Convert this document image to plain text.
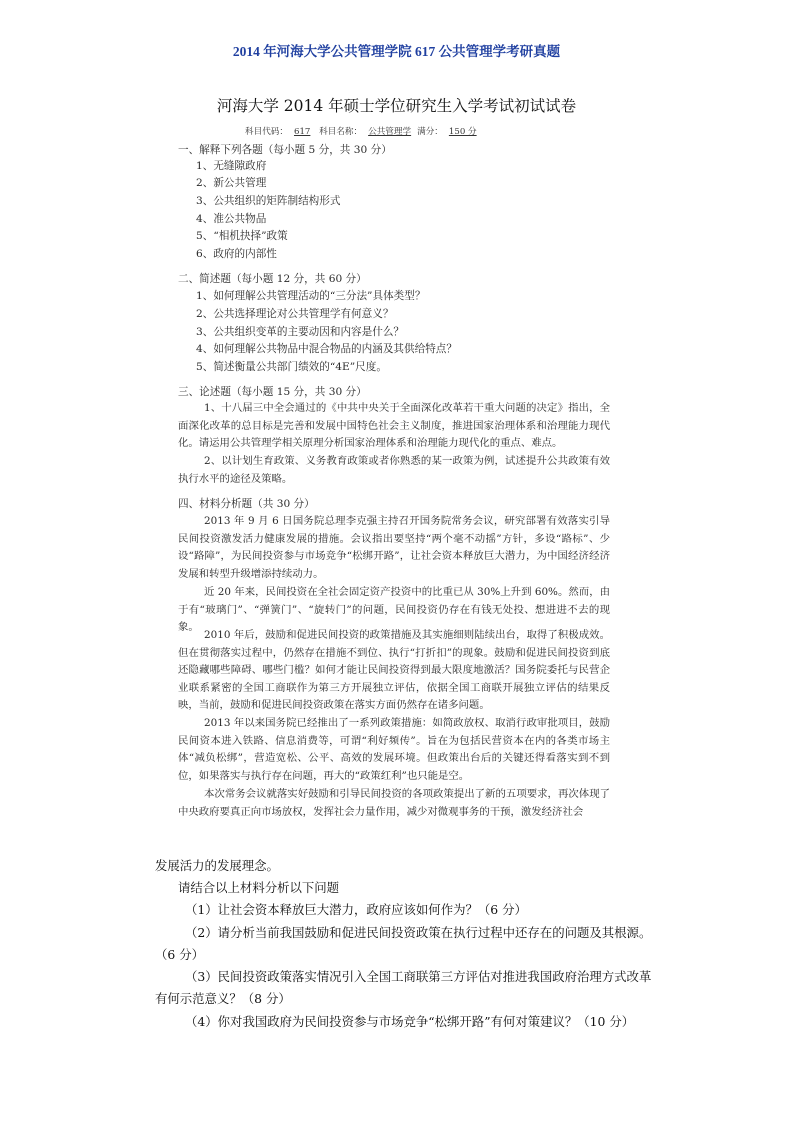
2014 年河海大学公共管理学院 617 公共管理学考研真题
河海大学 2014 年硕士学位研究生入学考试初试试卷
科目代码： 617 科目名称： 公共管理学 满分： 150 分
一、解释下列各题（每小题 5 分，共 30 分）
1、无缝隙政府
2、新公共管理
3、公共组织的矩阵制结构形式
4、准公共物品
5、“相机抉择”政策
6、政府的内部性
二、简述题（每小题 12 分，共 60 分）
1、如何理解公共管理活动的“三分法”具体类型？
2、公共选择理论对公共管理学有何意义？
3、公共组织变革的主要动因和内容是什么？
4、如何理解公共物品中混合物品的内涵及其供给特点？
5、简述衡量公共部门绩效的“4E”尺度。
三、论述题（每小题 15 分，共 30 分）
1、十八届三中全会通过的《中共中央关于全面深化改革若干重大问题的决定》指出，全面深化改革的总目标是完善和发展中国特色社会主义制度，推进国家治理体系和治理能力现代化。请运用公共管理学相关原理分析国家治理体系和治理能力现代化的重点、难点。
2、以计划生育政策、义务教育政策或者你熟悉的某一政策为例，试述提升公共政策有效执行水平的途径及策略。
四、材料分析题（共 30 分）
2013 年 9 月 6 日国务院总理李克强主持召开国务院常务会议，研究部署有效落实引导民间投资激发活力健康发展的措施。会议指出要坚持“两个毫不动摇”方针，多设“路标”、少设“路障”，为民间投资参与市场竞争“松绑开路”，让社会资本释放巨大潜力，为中国经济经济发展和转型升级增添持续动力。
近 20 年来，民间投资在全社会固定资产投资中的比重已从 30%上升到 60%。然而，由于有“玻璃门”、“弹簧门”、“旋转门”的问题，民间投资仍存在有钱无处投、想进进不去的现象。
2010 年后，鼓励和促进民间投资的政策措施及其实施细则陆续出台，取得了积极成效。但在贯彻落实过程中，仍然存在措施不到位、执行“打折扣”的现象。鼓励和促进民间投资到底还隐藏哪些障碍、哪些门槛？如何才能让民间投资得到最大限度地激活？国务院委托与民营企业联系紧密的全国工商联作为第三方开展独立评估，依据全国工商联开展独立评估的结果反映，当前，鼓励和促进民间投资政策在落实方面仍然存在诸多问题。
2013 年以来国务院已经推出了一系列政策措施：如简政放权、取消行政审批项目，鼓励民间资本进入铁路、信息消费等，可谓“利好频传”。旨在为包括民营资本在内的各类市场主体“减负松绑”，营造宽松、公平、高效的发展环境。但政策出台后的关键还得看落实到不到位，如果落实与执行存在问题，再大的“政策红利”也只能是空。
本次常务会议就落实好鼓励和引导民间投资的各项政策提出了新的五项要求，再次体现了中央政府要真正向市场放权，发挥社会力量作用，减少对微观事务的干预，激发经济社会
发展活力的发展理念。
请结合以上材料分析以下问题
（1）让社会资本释放巨大潜力，政府应该如何作为？（6 分）
（2）请分析当前我国鼓励和促进民间投资政策在执行过程中还存在的问题及其根源。
（6 分）
（3）民间投资政策落实情况引入全国工商联第三方评估对推进我国政府治理方式改革
有何示范意义？（8 分）
（4）你对我国政府为民间投资参与市场竞争“松绑开路”有何对策建议？（10 分）
